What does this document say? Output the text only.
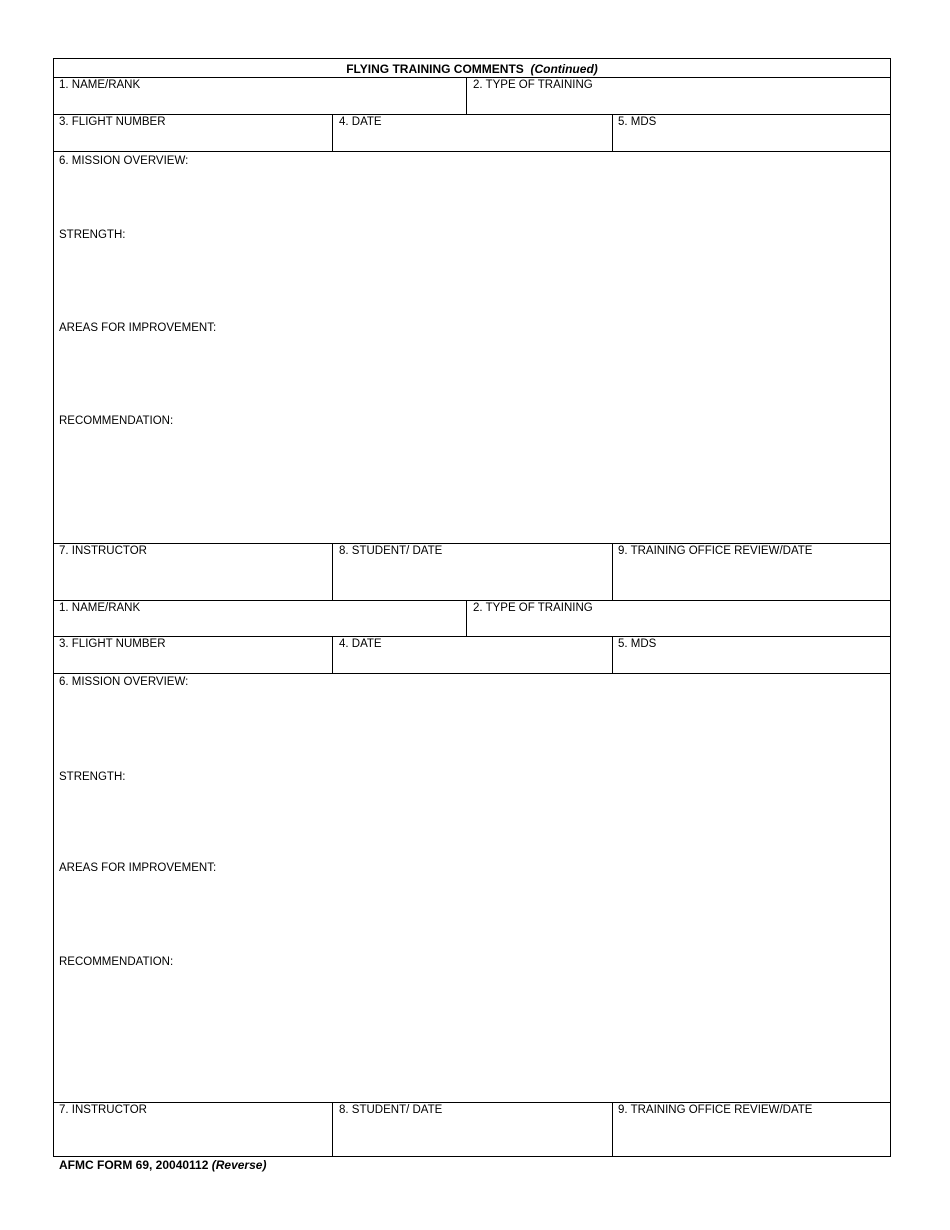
FLYING TRAINING COMMENTS (Continued)
1. NAME/RANK	2. TYPE OF TRAINING
3. FLIGHT NUMBER	4. DATE	5. MDS
6. MISSION OVERVIEW:
STRENGTH:
AREAS FOR IMPROVEMENT:
RECOMMENDATION:
7. INSTRUCTOR	8. STUDENT/ DATE	9. TRAINING OFFICE REVIEW/DATE
1. NAME/RANK	2. TYPE OF TRAINING
3. FLIGHT NUMBER	4. DATE	5. MDS
6. MISSION OVERVIEW:
STRENGTH:
AREAS FOR IMPROVEMENT:
RECOMMENDATION:
7. INSTRUCTOR	8. STUDENT/ DATE	9. TRAINING OFFICE REVIEW/DATE
AFMC FORM 69, 20040112 (Reverse)
